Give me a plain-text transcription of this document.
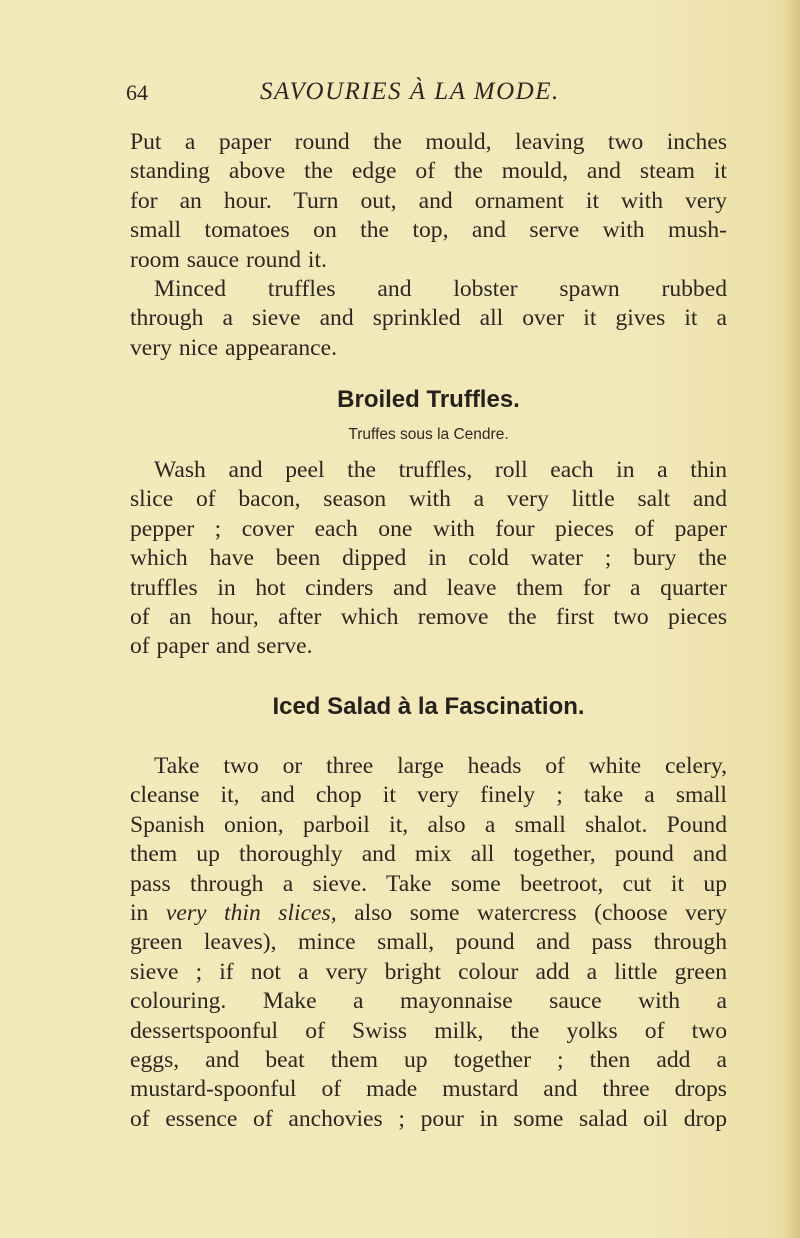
64	SAVOURIES À LA MODE.
Put a paper round the mould, leaving two inches
standing above the edge of the mould, and steam it
for an hour. Turn out, and ornament it with very
small tomatoes on the top, and serve with mush-
room sauce round it.
Minced truffles and lobster spawn rubbed
through a sieve and sprinkled all over it gives it a
very nice appearance.
Broiled Truffles.
Truffes sous la Cendre.
Wash and peel the truffles, roll each in a thin
slice of bacon, season with a very little salt and
pepper ; cover each one with four pieces of paper
which have been dipped in cold water ; bury the
truffles in hot cinders and leave them for a quarter
of an hour, after which remove the first two pieces
of paper and serve.
Iced Salad à la Fascination.
Take two or three large heads of white celery,
cleanse it, and chop it very finely ; take a small
Spanish onion, parboil it, also a small shalot. Pound
them up thoroughly and mix all together, pound and
pass through a sieve. Take some beetroot, cut it up
in very thin slices, also some watercress (choose very
green leaves), mince small, pound and pass through
sieve ; if not a very bright colour add a little green
colouring. Make a mayonnaise sauce with a
dessertspoonful of Swiss milk, the yolks of two
eggs, and beat them up together ; then add a
mustard-spoonful of made mustard and three drops
of essence of anchovies ; pour in some salad oil drop
